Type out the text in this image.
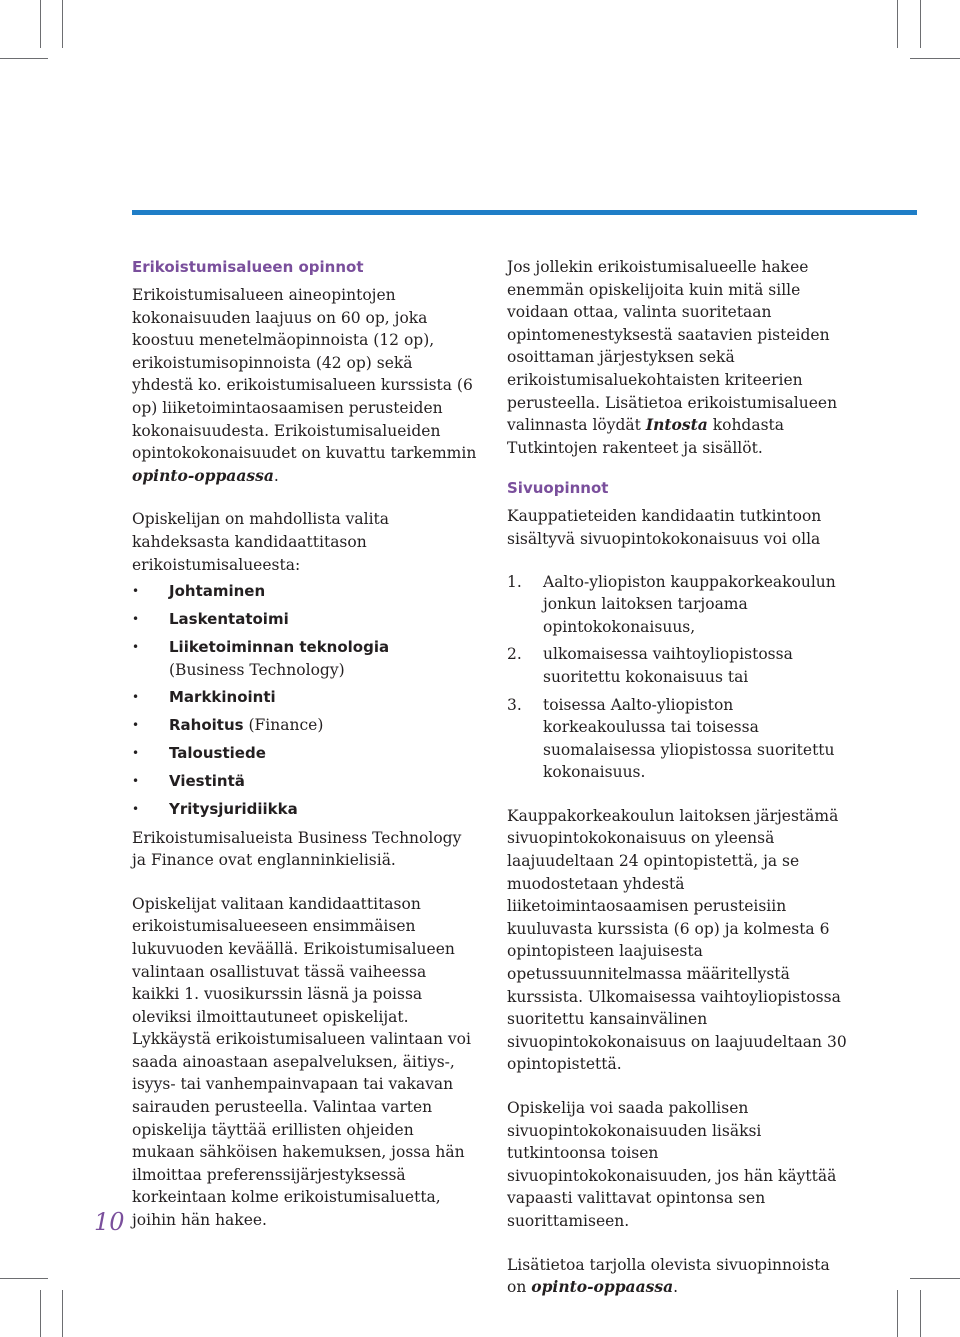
Erikoistumisalueen opinnot

Erikoistumisalueen aineopintojen kokonaisuuden laajuus on 60 op, joka koostuu menetelmäopinnoista (12 op), erikoistumisopinnoista (42 op) sekä yhdestä ko. erikoistumisalueen kurssista (6 op) liiketoimintaosaamisen perusteiden kokonaisuudesta. Erikoistumisalueiden opintokokonaisuudet on kuvattu tarkemmin opinto-oppaassa.

Opiskelijan on mahdollista valita kahdeksasta kandidaattitason erikoistumisalueesta:

• Johtaminen
• Laskentatoimi
• Liiketoiminnan teknologia
(Business Technology)
• Markkinointi
• Rahoitus (Finance)
• Taloustiede
• Viestintä
• Yritysjuridiikka

Erikoistumisalueista Business Technology ja Finance ovat englanninkielisiä.

Opiskelijat valitaan kandidaattitason erikoistumisalueeseen ensimmäisen lukuvuoden keväällä. Erikoistumisalueen valintaan osallistuvat tässä vaiheessa kaikki 1. vuosikurssin läsnä ja poissa oleviksi ilmoittautuneet opiskelijat. Lykkäystä erikoistumisalueen valintaan voi saada ainoastaan asepalveluksen, äitiys-, isyys- tai vanhempainvapaan tai vakavan sairauden perusteella. Valintaa varten opiskelija täyttää erillisten ohjeiden mukaan sähköisen hakemuksen, jossa hän ilmoittaa preferenssijärjestyksessä korkeintaan kolme erikoistumisaluetta, joihin hän hakee.

Jos jollekin erikoistumisalueelle hakee enemmän opiskelijoita kuin mitä sille voidaan ottaa, valinta suoritetaan opintomenestyksestä saatavien pisteiden osoittaman järjestyksen sekä erikoistumisaluekohtaisten kriteerien perusteella. Lisätietoa erikoistumisalueen valinnasta löydät Intosta kohdasta Tutkintojen rakenteet ja sisällöt.

Sivuopinnot

Kauppatieteiden kandidaatin tutkintoon sisältyvä sivuopintokokonaisuus voi olla

1. Aalto-yliopiston kauppakorkeakoulun jonkun laitoksen tarjoama opintokokonaisuus,
2. ulkomaisessa vaihtoyliopistossa suoritettu kokonaisuus tai
3. toisessa Aalto-yliopiston korkeakoulussa tai toisessa suomalaisessa yliopistossa suoritettu kokonaisuus.

Kauppakorkeakoulun laitoksen järjestämä sivuopintokokonaisuus on yleensä laajuudeltaan 24 opintopistettä, ja se muodostetaan yhdestä liiketoimintaosaamisen perusteisiin kuuluvasta kurssista (6 op) ja kolmesta 6 opintopisteen laajuisesta opetussuunnitelmassa määritellystä kurssista. Ulkomaisessa vaihtoyliopistossa suoritettu kansainvälinen sivuopintokokonaisuus on laajuudeltaan 30 opintopistettä.

Opiskelija voi saada pakollisen sivuopintokokonaisuuden lisäksi tutkintoonsa toisen sivuopintokokonaisuuden, jos hän käyttää vapaasti valittavat opintonsa sen suorittamiseen.

Lisätietoa tarjolla olevista sivuopinnoista on opinto-oppaassa.

10
